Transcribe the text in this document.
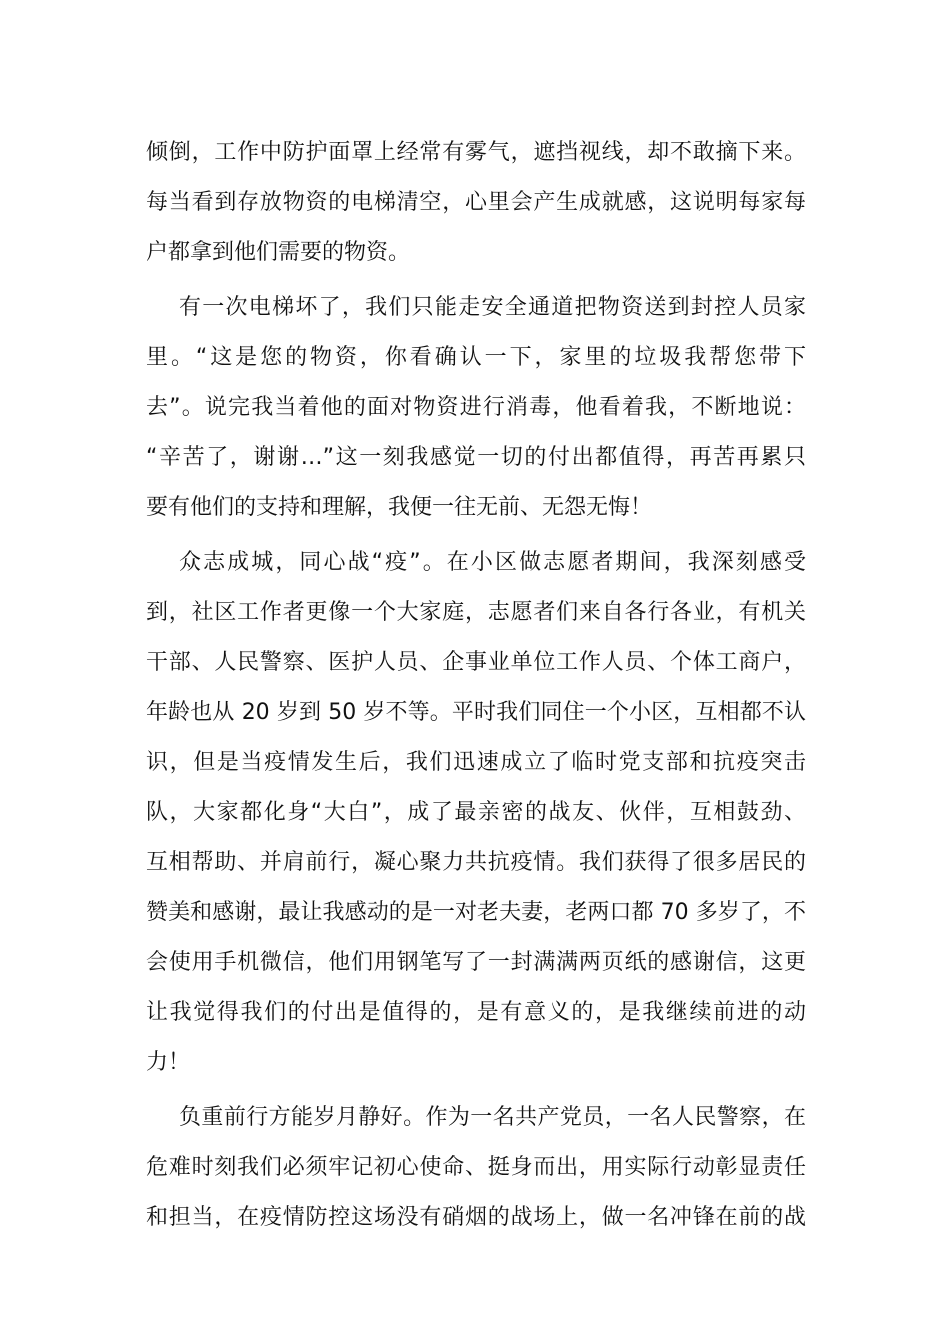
倾倒，工作中防护面罩上经常有雾气，遮挡视线，却不敢摘下来。
每当看到存放物资的电梯清空，心里会产生成就感，这说明每家每
户都拿到他们需要的物资。
有一次电梯坏了，我们只能走安全通道把物资送到封控人员家
里。“这是您的物资，你看确认一下，家里的垃圾我帮您带下
去”。说完我当着他的面对物资进行消毒，他看着我，不断地说：
“辛苦了，谢谢…”这一刻我感觉一切的付出都值得，再苦再累只
要有他们的支持和理解，我便一往无前、无怨无悔！
众志成城，同心战“疫”。在小区做志愿者期间，我深刻感受
到，社区工作者更像一个大家庭，志愿者们来自各行各业，有机关
干部、人民警察、医护人员、企事业单位工作人员、个体工商户，
年龄也从 20 岁到 50 岁不等。平时我们同住一个小区，互相都不认
识，但是当疫情发生后，我们迅速成立了临时党支部和抗疫突击
队，大家都化身“大白”，成了最亲密的战友、伙伴，互相鼓劲、
互相帮助、并肩前行，凝心聚力共抗疫情。我们获得了很多居民的
赞美和感谢，最让我感动的是一对老夫妻，老两口都 70 多岁了，不
会使用手机微信，他们用钢笔写了一封满满两页纸的感谢信，这更
让我觉得我们的付出是值得的，是有意义的，是我继续前进的动
力！
负重前行方能岁月静好。作为一名共产党员，一名人民警察，在
危难时刻我们必须牢记初心使命、挺身而出，用实际行动彰显责任
和担当，在疫情防控这场没有硝烟的战场上，做一名冲锋在前的战
